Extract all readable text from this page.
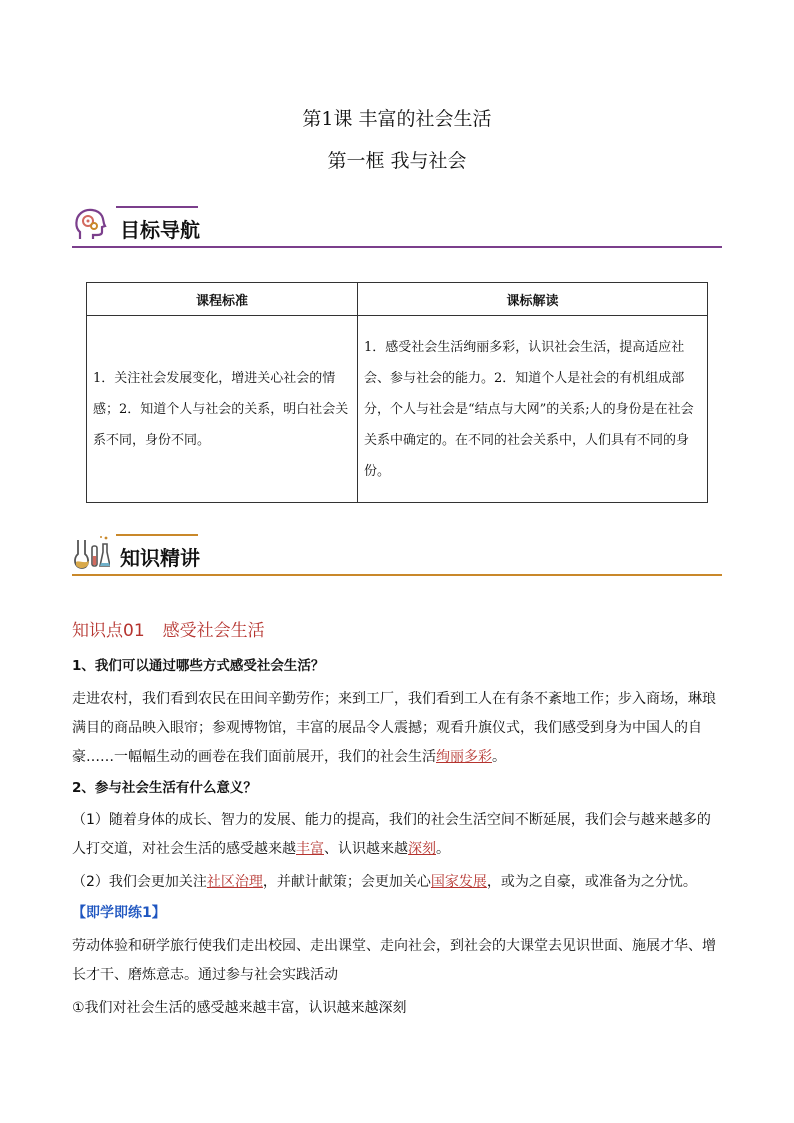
第1课 丰富的社会生活
第一框 我与社会
目标导航
课程标准	课标解读
1．关注社会发展变化，增进关心社会的情感；2．知道个人与社会的关系，明白社会关系不同，身份不同。	1．感受社会生活绚丽多彩，认识社会生活，提高适应社会、参与社会的能力。2．知道个人是社会的有机组成部分，个人与社会是“结点与大网”的关系;人的身份是在社会关系中确定的。在不同的社会关系中，人们具有不同的身份。
知识精讲
知识点01 感受社会生活
1、我们可以通过哪些方式感受社会生活？
走进农村，我们看到农民在田间辛勤劳作；来到工厂，我们看到工人在有条不紊地工作；步入商场，琳琅满目的商品映入眼帘；参观博物馆，丰富的展品令人震撼；观看升旗仪式，我们感受到身为中国人的自豪……一幅幅生动的画卷在我们面前展开，我们的社会生活绚丽多彩。
2、参与社会生活有什么意义？
（1）随着身体的成长、智力的发展、能力的提高，我们的社会生活空间不断延展，我们会与越来越多的人打交道，对社会生活的感受越来越丰富、认识越来越深刻。
（2）我们会更加关注社区治理，并献计献策；会更加关心国家发展，或为之自豪，或准备为之分忧。
【即学即练1】
劳动体验和研学旅行使我们走出校园、走出课堂、走向社会，到社会的大课堂去见识世面、施展才华、增长才干、磨炼意志。通过参与社会实践活动
①我们对社会生活的感受越来越丰富，认识越来越深刻
